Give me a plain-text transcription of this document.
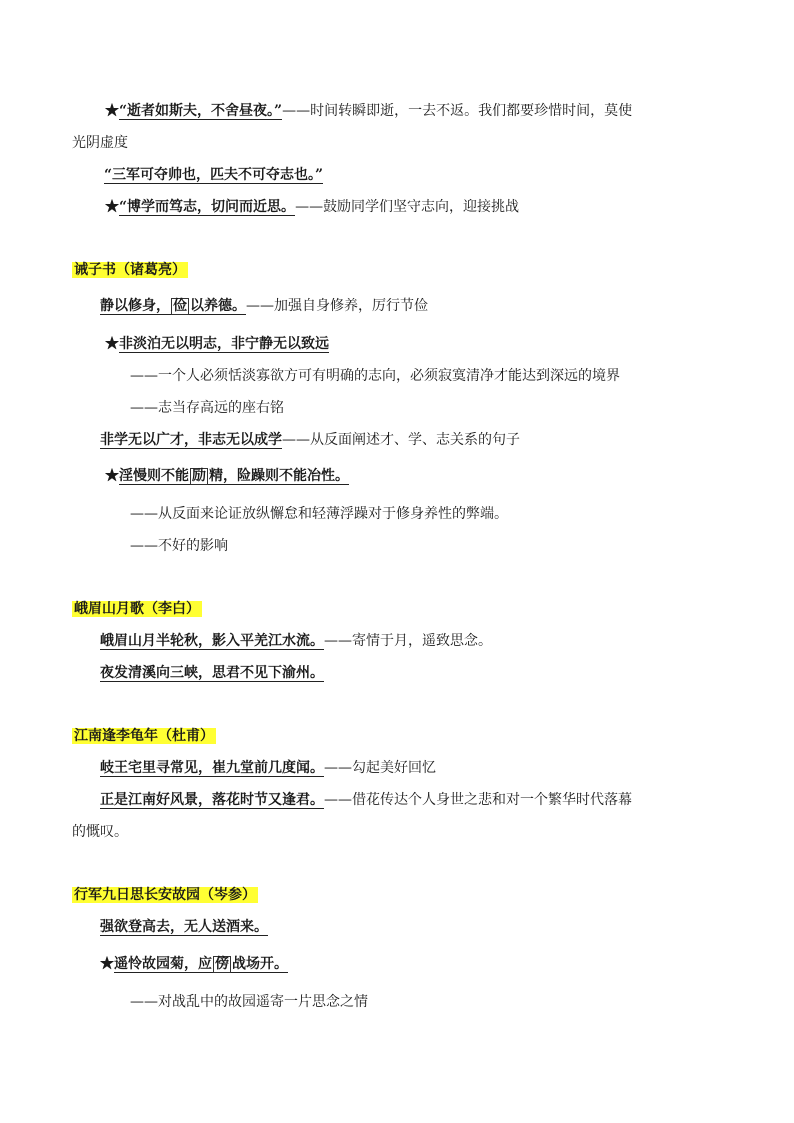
★“逝者如斯夫，不舍昼夜。”——时间转瞬即逝，一去不返。我们都要珍惜时间，莫使
光阴虚度
“三军可夺帅也，匹夫不可夺志也。”
★“博学而笃志，切问而近思。——鼓励同学们坚守志向，迎接挑战
诫子书（诸葛亮）
静以修身， 俭 以养德。——加强自身修养，厉行节俭
★非淡泊无以明志，非宁静无以致远
——一个人必须恬淡寡欲方可有明确的志向，必须寂寞清净才能达到深远的境界
——志当存高远的座右铭
非学无以广才，非志无以成学——从反面阐述才、学、志关系的句子
★淫慢则不能 励 精，险躁则不能冶性。
——从反面来论证放纵懈怠和轻薄浮躁对于修身养性的弊端。
——不好的影响
峨眉山月歌（李白）
峨眉山月半轮秋，影入平羌江水流。——寄情于月，遥致思念。
夜发清溪向三峡，思君不见下渝州。
江南逢李龟年（杜甫）
岐王宅里寻常见，崔九堂前几度闻。——勾起美好回忆
正是江南好风景，落花时节又逢君。——借花传达个人身世之悲和对一个繁华时代落幕
的慨叹。
行军九日思长安故园（岑参）
强欲登高去，无人送酒来。
★遥怜故园菊，应 傍 战场开。
——对战乱中的故园遥寄一片思念之情
